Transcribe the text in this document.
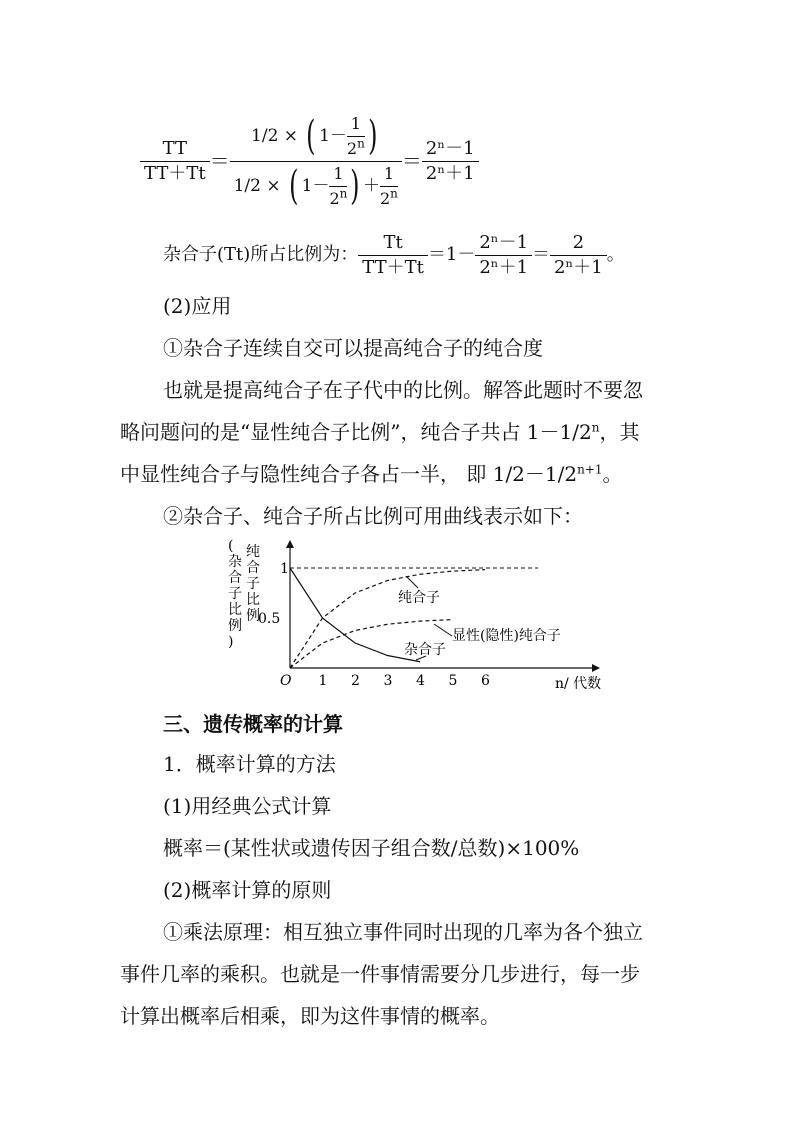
$\frac{TT}{TT+Tt}$ ＝
1/2 ×
( $1- \frac{1}{2^n}$ )
1/2 ×
( $1- \frac{1}{2^n}$ ) ＋ $\frac{1}{2^n}$
＝ $\frac{\text{2ⁿ－1}}{\text{2ⁿ＋1}}$
杂合子(Tt)所占比例为： $\frac{Tt}{TT+Tt} =1- \frac{\text{2ⁿ－1}}{\text{2ⁿ＋1}} = \frac{2}{\text{2ⁿ＋1}}$ 。
(2)应用
①杂合子连续自交可以提高纯合子的纯合度
也就是提高纯合子在子代中的比例。解答此题时不要忽
略问题问的是“显性纯合子比例”，纯合子共占 $1-1/2^n$，其
中显性纯合子与隐性纯合子各占一半， 即 $1/2-1/2^{n+1}$。
②杂合子、纯合子所占比例可用曲线表示如下：
(
杂
合
子
比
例
)
纯
合
子
比
例
1 2 3 4 5 6
1
0.5
纯合子
显性(隐性)纯合子
杂合子
O	n/ 代数
三、遗传概率的计算
1．概率计算的方法
(1)用经典公式计算
概率＝(某性状或遗传因子组合数/总数)×100%
(2)概率计算的原则
①乘法原理：相互独立事件同时出现的几率为各个独立
事件几率的乘积。也就是一件事情需要分几步进行，每一步
计算出概率后相乘，即为这件事情的概率。
